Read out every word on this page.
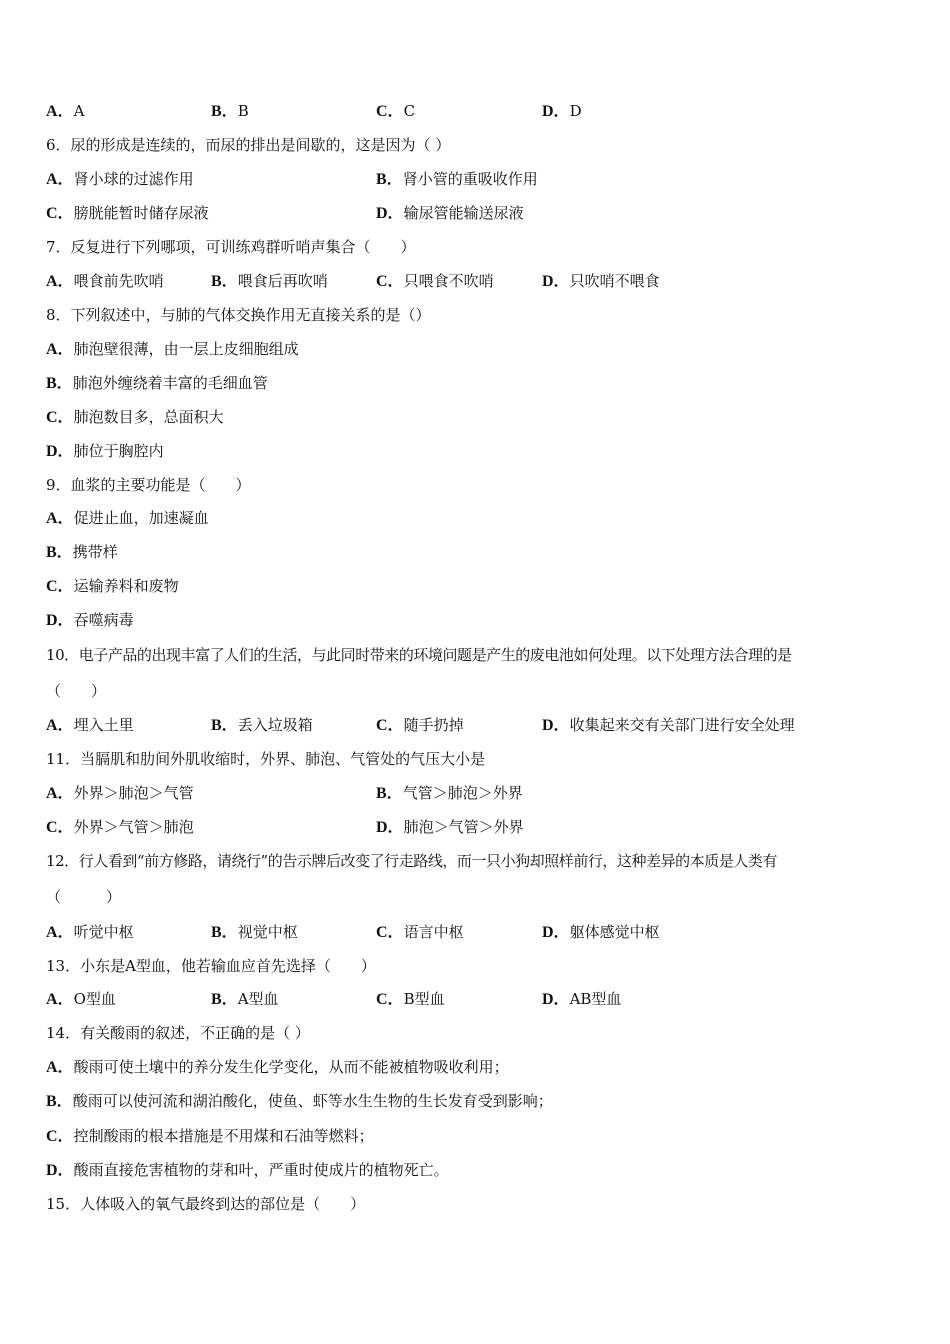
A．A	B．B	C．C	D．D
6．尿的形成是连续的，而尿的排出是间歇的，这是因为（ ）
A．肾小球的过滤作用	B．肾小管的重吸收作用
C．膀胱能暂时储存尿液	D．输尿管能输送尿液
7．反复进行下列哪项，可训练鸡群听哨声集合（　　）
A．喂食前先吹哨	B．喂食后再吹哨	C．只喂食不吹哨	D．只吹哨不喂食
8．下列叙述中，与肺的气体交换作用无直接关系的是（）
A．肺泡壁很薄，由一层上皮细胞组成
B．肺泡外缠绕着丰富的毛细血管
C．肺泡数目多，总面积大
D．肺位于胸腔内
9．血浆的主要功能是（　　）
A．促进止血，加速凝血
B．携带样
C．运输养料和废物
D．吞噬病毒
10．电子产品的出现丰富了人们的生活，与此同时带来的环境问题是产生的废电池如何处理。以下处理方法合理的是
（　　）
A．埋入土里	B．丢入垃圾箱	C．随手扔掉	D．收集起来交有关部门进行安全处理
11．当膈肌和肋间外肌收缩时，外界、肺泡、气管处的气压大小是
A．外界＞肺泡＞气管	B．气管＞肺泡＞外界
C．外界＞气管＞肺泡	D．肺泡＞气管＞外界
12．行人看到“前方修路，请绕行”的告示牌后改变了行走路线，而一只小狗却照样前行，这种差异的本质是人类有
（　　　）
A．听觉中枢	B．视觉中枢	C．语言中枢	D．躯体感觉中枢
13．小东是A型血，他若输血应首先选择（　　）
A．O型血	B．A型血	C．B型血	D．AB型血
14．有关酸雨的叙述，不正确的是（ ）
A．酸雨可使土壤中的养分发生化学变化，从而不能被植物吸收利用；
B．酸雨可以使河流和湖泊酸化，使鱼、虾等水生生物的生长发育受到影响；
C．控制酸雨的根本措施是不用煤和石油等燃料；
D．酸雨直接危害植物的芽和叶，严重时使成片的植物死亡。
15．人体吸入的氧气最终到达的部位是（　　）
